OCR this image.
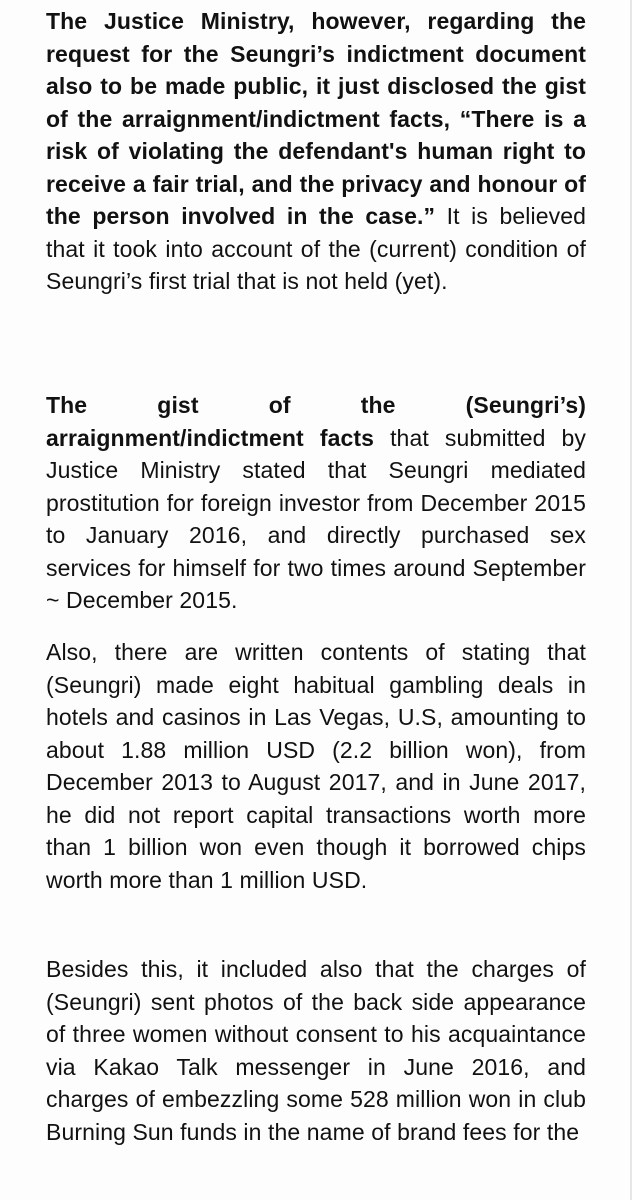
The Justice Ministry, however, regarding the request for the Seungri’s indictment document also to be made public, it just disclosed the gist of the arraignment/indictment facts, “There is a risk of violating the defendant's human right to receive a fair trial, and the privacy and honour of the person involved in the case.” It is believed that it took into account of the (current) condition of Seungri’s first trial that is not held (yet).

The gist of the (Seungri’s) arraignment/indictment facts that submitted by Justice Ministry stated that Seungri mediated prostitution for foreign investor from December 2015 to January 2016, and directly purchased sex services for himself for two times around September ~ December 2015.

Also, there are written contents of stating that (Seungri) made eight habitual gambling deals in hotels and casinos in Las Vegas, U.S, amounting to about 1.88 million USD (2.2 billion won), from December 2013 to August 2017, and in June 2017, he did not report capital transactions worth more than 1 billion won even though it borrowed chips worth more than 1 million USD.

Besides this, it included also that the charges of (Seungri) sent photos of the back side appearance of three women without consent to his acquaintance via Kakao Talk messenger in June 2016, and charges of embezzling some 528 million won in club Burning Sun funds in the name of brand fees for the
